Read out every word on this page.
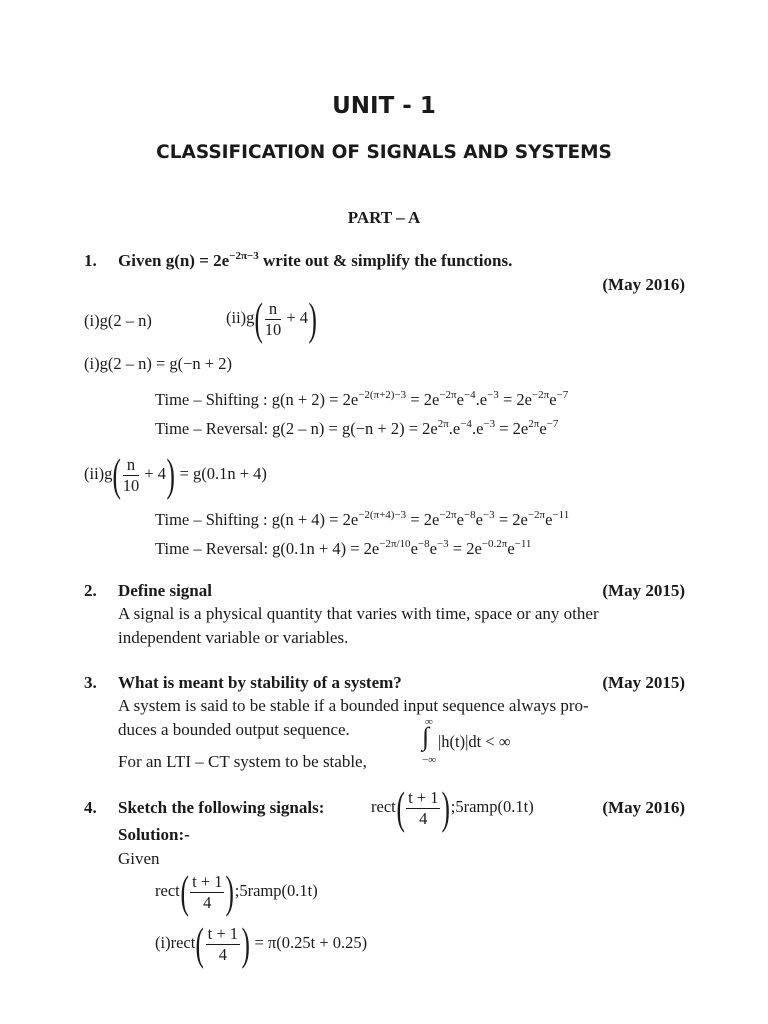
UNIT - 1
CLASSIFICATION OF SIGNALS AND SYSTEMS
PART – A
1. Given $g(n) = 2e^{-2\pi-3}$ write out & simplify the functions.
(May 2016)
(i)g(2 – n)	$(ii)g( \frac{n}{10} + 4)$
(i)g(2 – n) = g(−n + 2)
Time – Shifting : $g(n + 2) = 2e^{-2(\pi+2)-3} = 2e^{-2\pi}e^{-4}.e^{-3} = 2e^{-2\pi}e^{-7}$
Time – Reversal: $g(2 - n) = g(-n + 2) = 2e^{2\pi}.e^{-4}.e^{-3} = 2e^{2\pi}e^{-7}$
$(ii)g( \frac{n}{10} + 4) = g(0.1n + 4)$
Time – Shifting : $g(n + 4) = 2e^{-2(\pi+4)-3} = 2e^{-2\pi}e^{-8}e^{-3} = 2e^{-2\pi}e^{-11}$
Time – Reversal: $g(0.1n + 4) = 2e^{-2\pi/10}e^{-8}e^{-3} = 2e^{-0.2\pi}e^{-11}$
2. Define signal	(May 2015)
A signal is a physical quantity that varies with time, space or any other
independent variable or variables.
3. What is meant by stability of a system?	(May 2015)
A system is said to be stable if a bounded input sequence always pro-
duces a bounded output sequence.
For an LTI – CT system to be stable,
∞
∫
−∞
|h(t)|dt < ∞
4. Sketch the following signals:	rect( $\frac{t + 1}{4}$ );5ramp(0.1t)	(May 2016)
Solution:-
Given
rect( $\frac{t + 1}{4}$ );5ramp(0.1t)
(i)rect( $\frac{t + 1}{4}$ ) = π(0.25t + 0.25)
